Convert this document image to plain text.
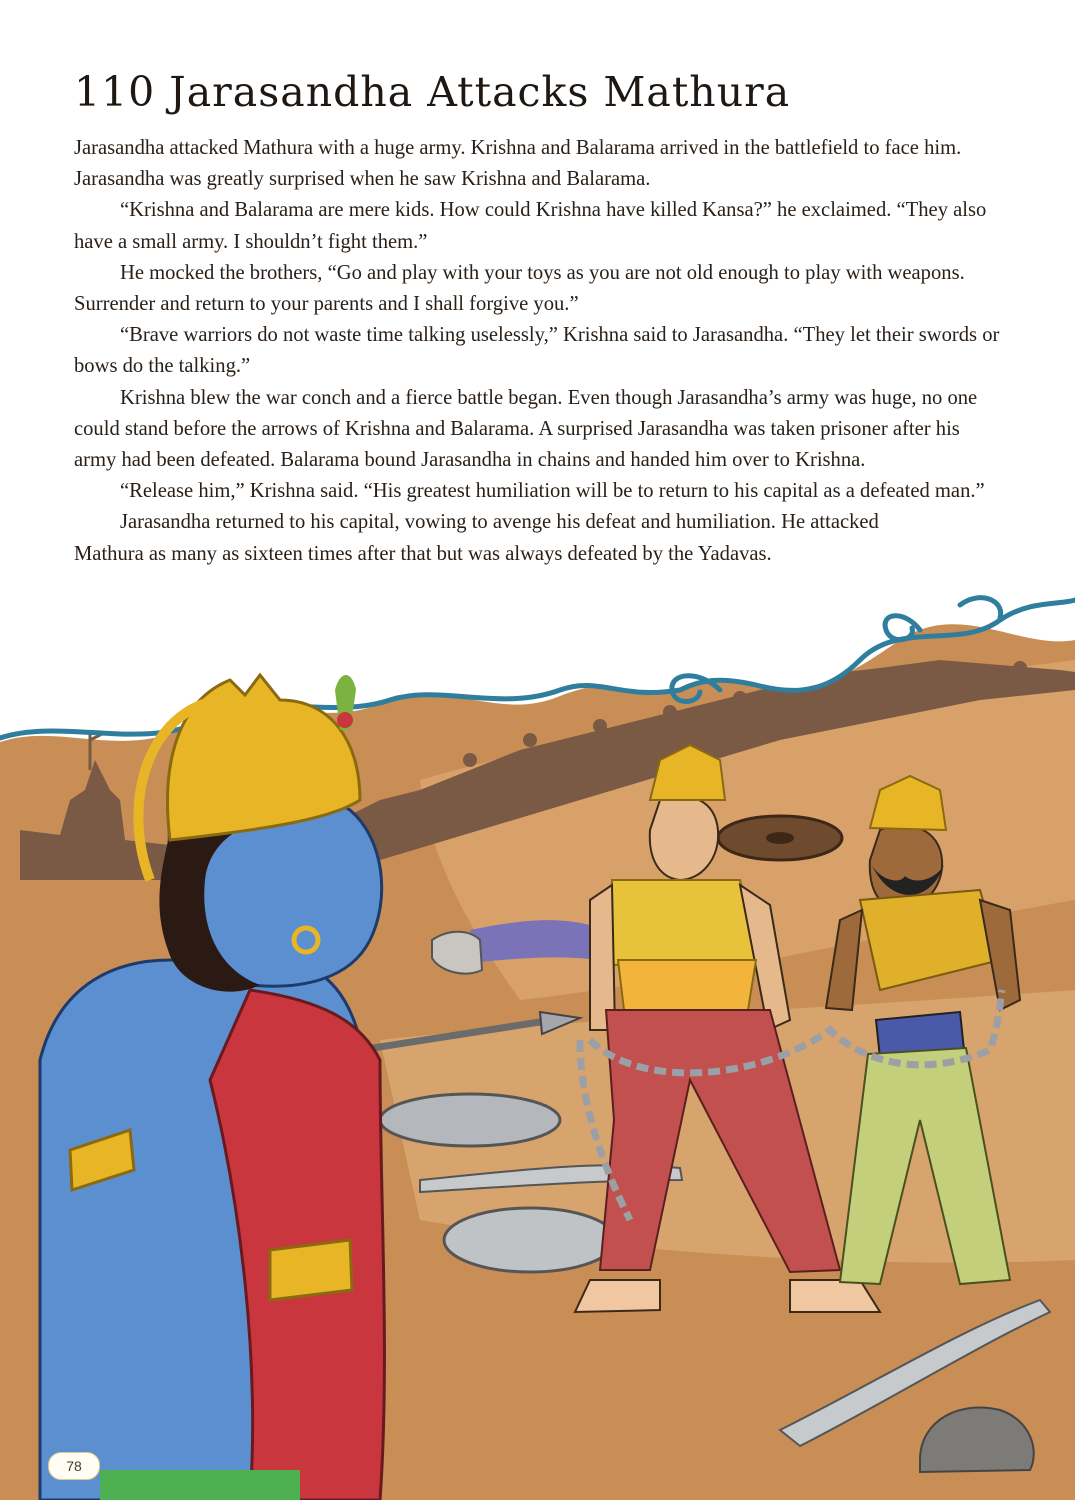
110 Jarasandha Attacks Mathura

Jarasandha attacked Mathura with a huge army. Krishna and Balarama arrived in the battlefield to face him. Jarasandha was greatly surprised when he saw Krishna and Balarama.

“Krishna and Balarama are mere kids. How could Krishna have killed Kansa?” he exclaimed. “They also have a small army. I shouldn’t fight them.”

He mocked the brothers, “Go and play with your toys as you are not old enough to play with weapons. Surrender and return to your parents and I shall forgive you.”

“Brave warriors do not waste time talking uselessly,” Krishna said to Jarasandha. “They let their swords or bows do the talking.”

Krishna blew the war conch and a fierce battle began. Even though Jarasandha’s army was huge, no one could stand before the arrows of Krishna and Balarama. A surprised Jarasandha was taken prisoner after his army had been defeated. Balarama bound Jarasandha in chains and handed him over to Krishna.

“Release him,” Krishna said. “His greatest humiliation will be to return to his capital as a defeated man.”

Jarasandha returned to his capital, vowing to avenge his defeat and humiliation. He attacked Mathura as many as sixteen times after that but was always defeated by the Yadavas.

78
